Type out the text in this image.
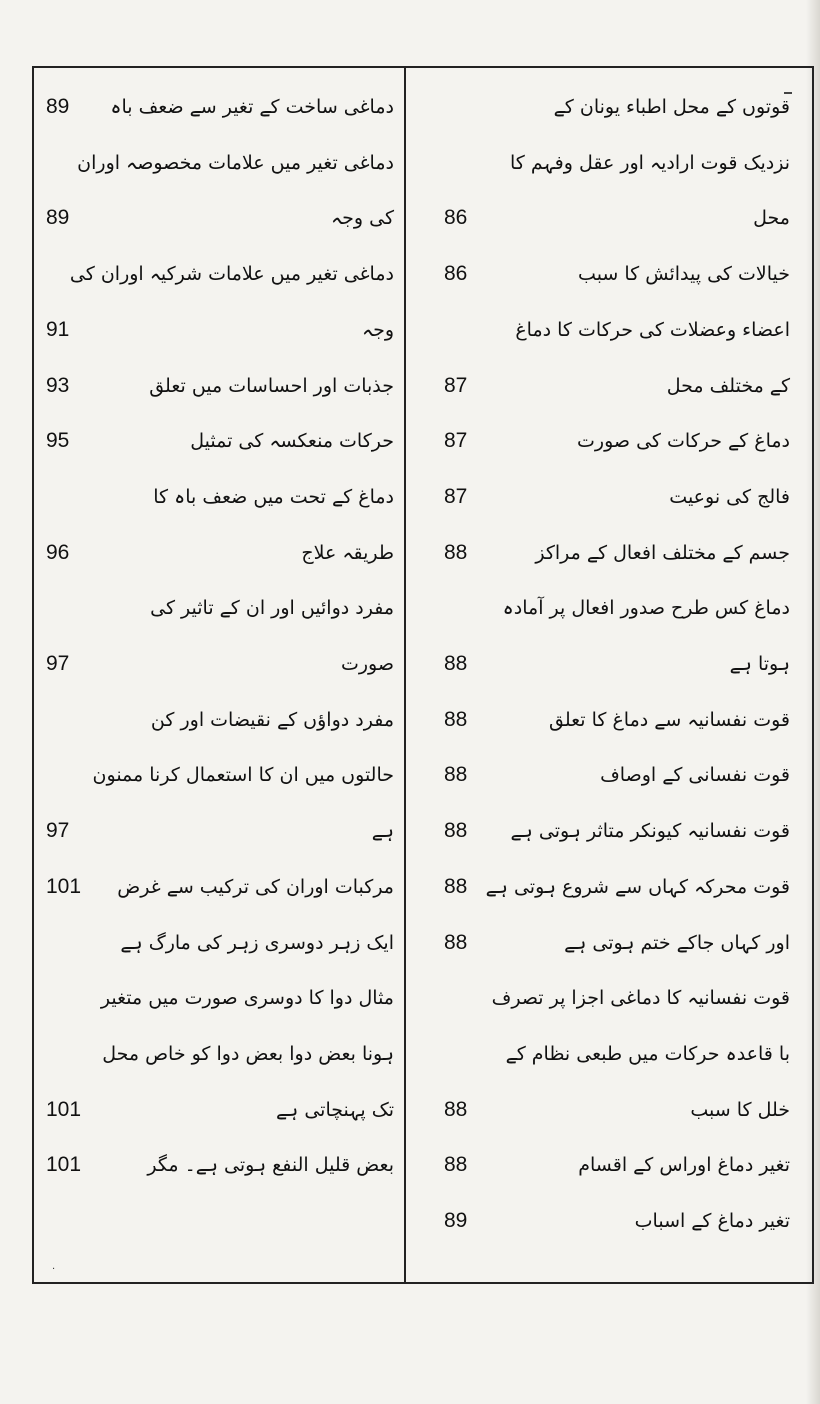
دماغی ساخت کے تغیر سے ضعف باہ
89
دماغی تغیر میں علامات مخصوصہ اوران
کی وجہ
89
دماغی تغیر میں علامات شرکیہ اوران کی
وجہ
91
جذبات اور احساسات میں تعلق
93
حرکات منعکسہ کی تمثیل
95
دماغ کے تحت میں ضعف باہ کا
طریقہ علاج
96
مفرد دوائیں اور ان کے تاثیر کی
صورت
97
مفرد دواؤں کے نقیضات اور کن
حالتوں میں ان کا استعمال کرنا ممنون
ہے
97
مرکبات اوران کی ترکیب سے غرض
101
ایک زہر دوسری زہر کی مارگ ہے
مثال دوا کا دوسری صورت میں متغیر
ہونا بعض دوا بعض دوا کو خاص محل
تک پہنچاتی ہے
101
بعض قلیل النفع ہوتی ہے۔ مگر
101
قوتوں کے محل اطباء یونان کے
نزدیک قوت ارادیہ اور عقل وفہم کا
محل
86
خیالات کی پیدائش کا سبب
86
اعضاء وعضلات کی حرکات کا دماغ
کے مختلف محل
87
دماغ کے حرکات کی صورت
87
فالج کی نوعیت
87
جسم کے مختلف افعال کے مراکز
88
دماغ کس طرح صدور افعال پر آمادہ
ہوتا ہے
88
قوت نفسانیہ سے دماغ کا تعلق
88
قوت نفسانی کے اوصاف
88
قوت نفسانیہ کیونکر متاثر ہوتی ہے
88
قوت محرکہ کہاں سے شروع ہوتی ہے
88
اور کہاں جاکے ختم ہوتی ہے
88
قوت نفسانیہ کا دماغی اجزا پر تصرف
با قاعدہ حرکات میں طبعی نظام کے
خلل کا سبب
88
تغیر دماغ اوراس کے اقسام
88
تغیر دماغ کے اسباب
89
·
